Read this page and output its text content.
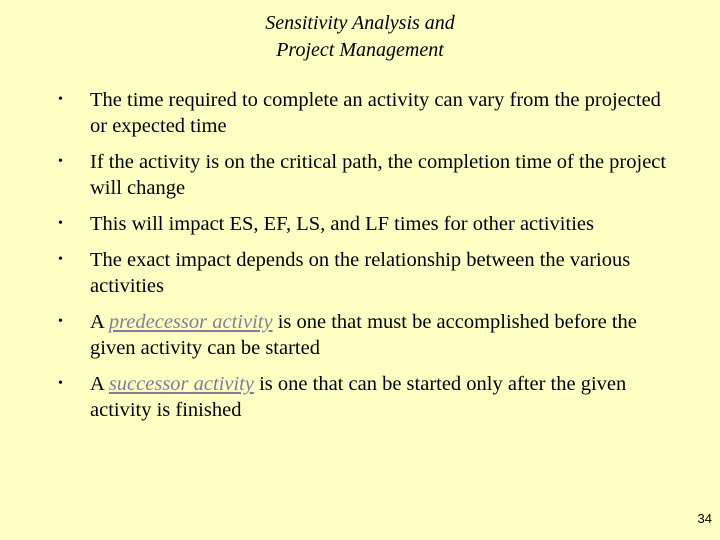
Sensitivity Analysis and
Project Management
• The time required to complete an activity can vary from the projected or expected time
• If the activity is on the critical path, the completion time of the project will change
• This will impact ES, EF, LS, and LF times for other activities
• The exact impact depends on the relationship between the various activities
• A predecessor activity is one that must be accomplished before the given activity can be started
• A successor activity is one that can be started only after the given activity is finished
34
